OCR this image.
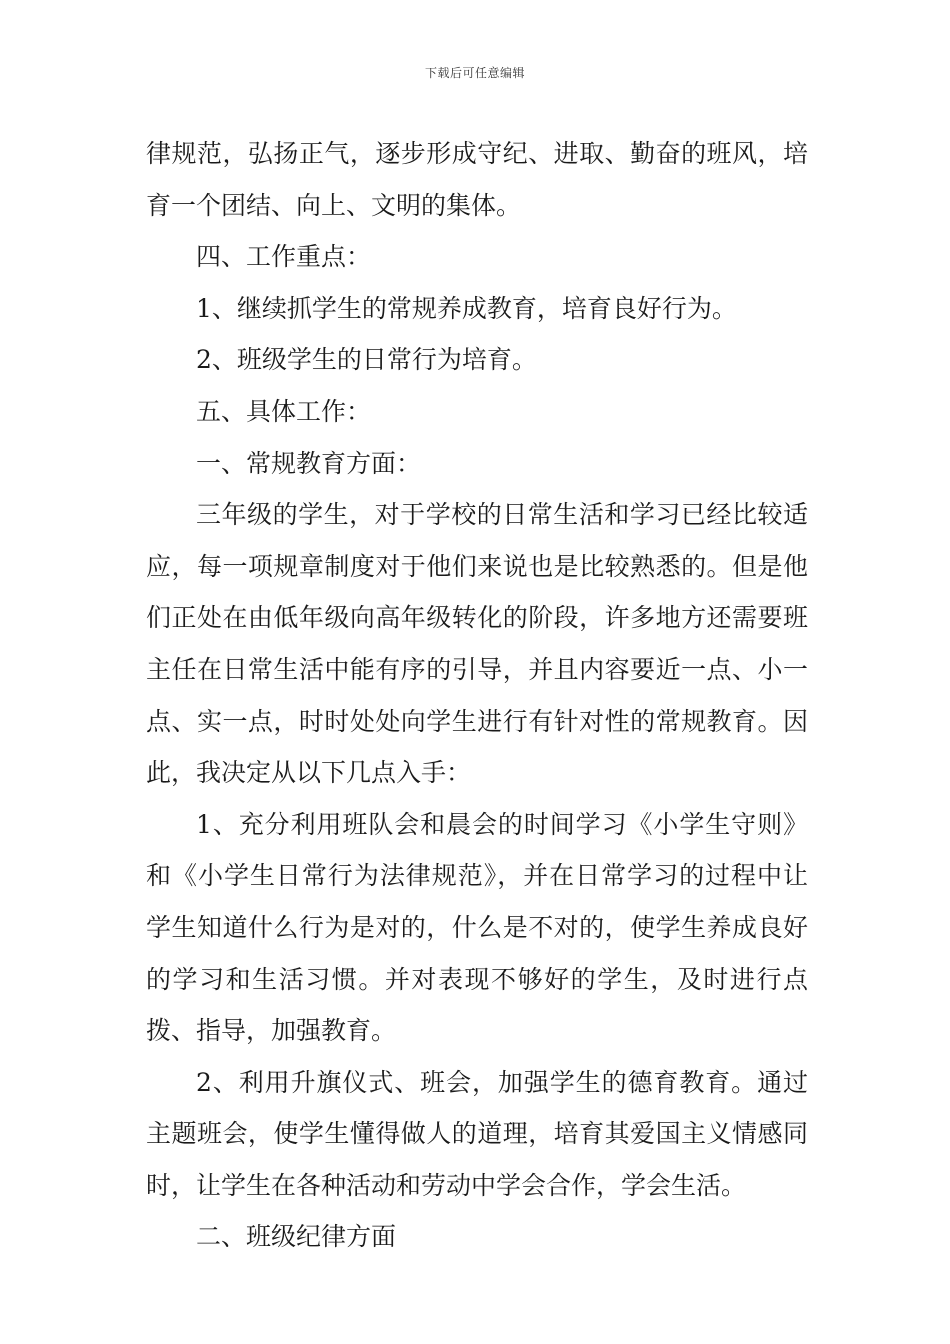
下载后可任意编辑

律规范，弘扬正气，逐步形成守纪、进取、勤奋的班风，培育一个团结、向上、文明的集体。

四、工作重点：

1、继续抓学生的常规养成教育，培育良好行为。

2、班级学生的日常行为培育。

五、具体工作：

一、常规教育方面：

三年级的学生，对于学校的日常生活和学习已经比较适应，每一项规章制度对于他们来说也是比较熟悉的。但是他们正处在由低年级向高年级转化的阶段，许多地方还需要班主任在日常生活中能有序的引导，并且内容要近一点、小一点、实一点，时时处处向学生进行有针对性的常规教育。因此，我决定从以下几点入手：

1、充分利用班队会和晨会的时间学习《小学生守则》和《小学生日常行为法律规范》，并在日常学习的过程中让学生知道什么行为是对的，什么是不对的，使学生养成良好的学习和生活习惯。并对表现不够好的学生，及时进行点拨、指导，加强教育。

2、利用升旗仪式、班会，加强学生的德育教育。通过主题班会，使学生懂得做人的道理，培育其爱国主义情感同时，让学生在各种活动和劳动中学会合作，学会生活。

二、班级纪律方面
